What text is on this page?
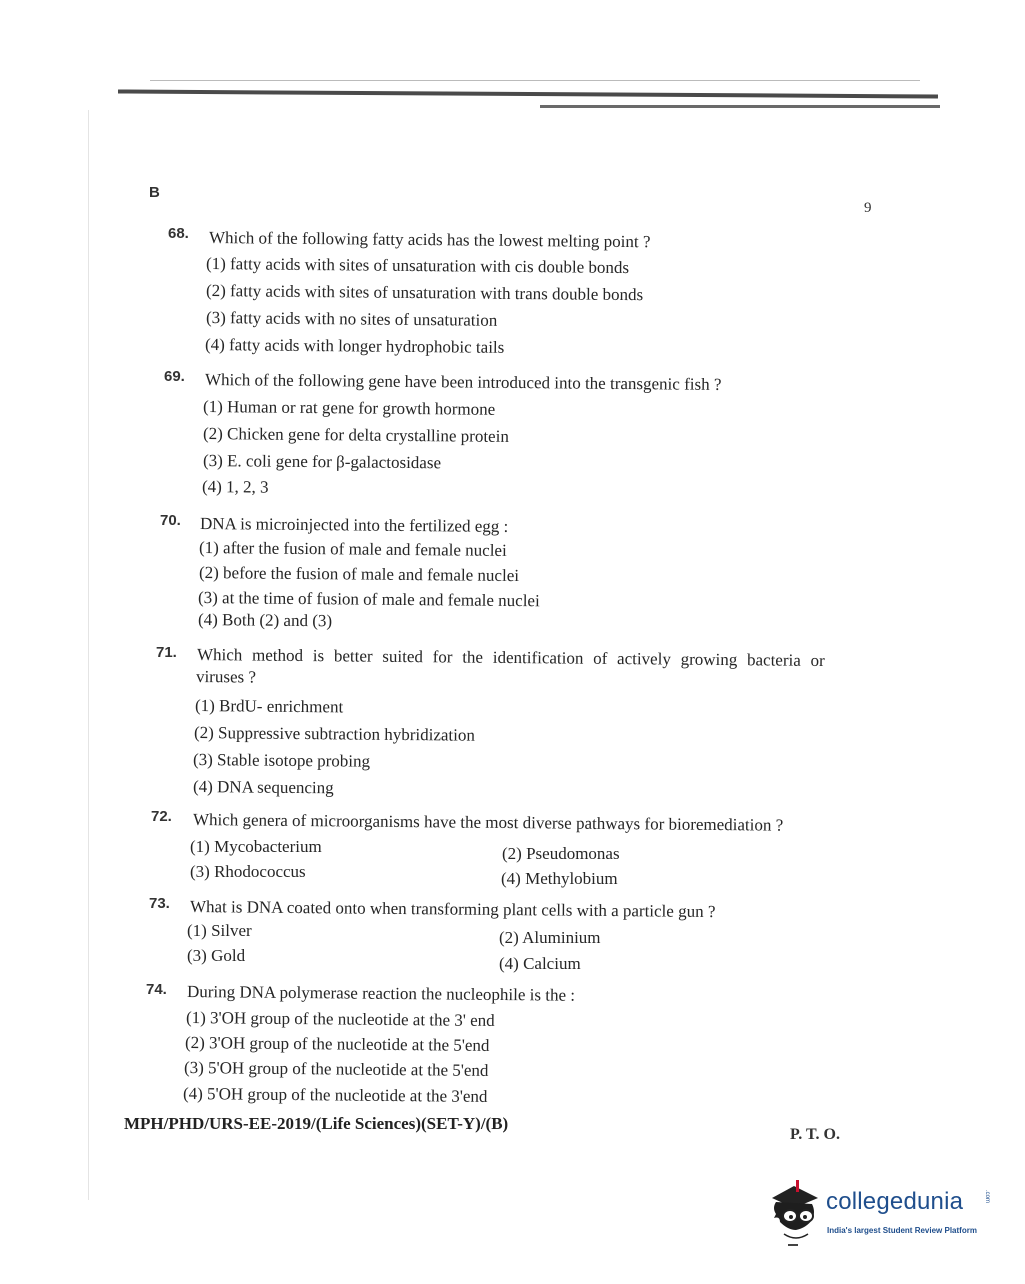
B
9
68. Which of the following fatty acids has the lowest melting point ?
(1) fatty acids with sites of unsaturation with cis double bonds
(2) fatty acids with sites of unsaturation with trans double bonds
(3) fatty acids with no sites of unsaturation
(4) fatty acids with longer hydrophobic tails
69. Which of the following gene have been introduced into the transgenic fish ?
(1) Human or rat gene for growth hormone
(2) Chicken gene for delta crystalline protein
(3) E. coli gene for β-galactosidase
(4) 1, 2, 3
70. DNA is microinjected into the fertilized egg :
(1) after the fusion of male and female nuclei
(2) before the fusion of male and female nuclei
(3) at the time of fusion of male and female nuclei
(4) Both (2) and (3)
71. Which method is better suited for the identification of actively growing bacteria or
viruses ?
(1) BrdU- enrichment
(2) Suppressive subtraction hybridization
(3) Stable isotope probing
(4) DNA sequencing
72. Which genera of microorganisms have the most diverse pathways for bioremediation ?
(1) Mycobacterium	(2) Pseudomonas
(3) Rhodococcus	(4) Methylobium
73. What is DNA coated onto when transforming plant cells with a particle gun ?
(1) Silver	(2) Aluminium
(3) Gold	(4) Calcium
74. During DNA polymerase reaction the nucleophile is the :
(1) 3'OH group of the nucleotide at the 3' end
(2) 3'OH group of the nucleotide at the 5'end
(3) 5'OH group of the nucleotide at the 5'end
(4) 5'OH group of the nucleotide at the 3'end
MPH/PHD/URS-EE-2019/(Life Sciences)(SET-Y)/(B)
P. T. O.
collegedunia	.com
India's largest Student Review Platform
